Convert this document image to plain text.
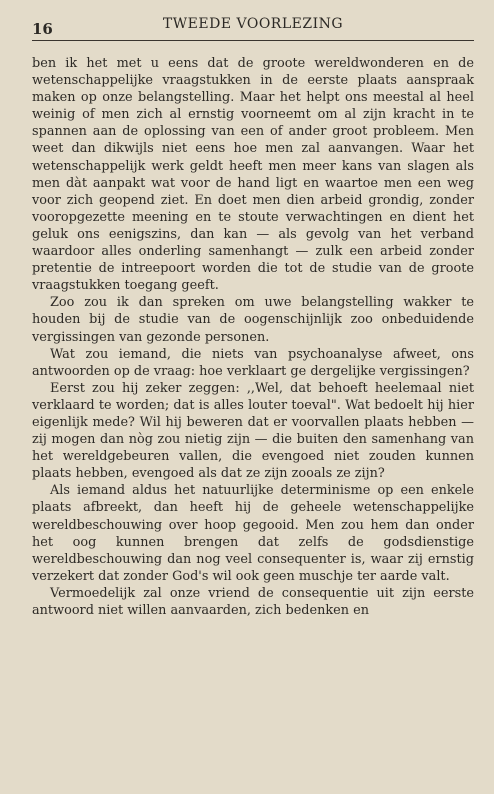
16	TWEEDE VOORLEZING

ben ik het met u eens dat de groote wereldwonderen en de wetenschappelijke vraagstukken in de eerste plaats aanspraak maken op onze belangstelling. Maar het helpt ons meestal al heel weinig of men zich al ernstig voorneemt om al zijn kracht in te spannen aan de oplossing van een of ander groot probleem. Men weet dan dikwijls niet eens hoe men zal aanvangen. Waar het wetenschappelijk werk geldt heeft men meer kans van slagen als men dàt aanpakt wat voor de hand ligt en waartoe men een weg voor zich geopend ziet. En doet men dien arbeid grondig, zonder vooropgezette meening en te stoute verwachtingen en dient het geluk ons eenigszins, dan kan — als gevolg van het verband waardoor alles onderling samenhangt — zulk een arbeid zonder pretentie de intreepoort worden die tot de studie van de groote vraagstukken toegang geeft.

Zoo zou ik dan spreken om uwe belangstelling wakker te houden bij de studie van de oogenschijnlijk zoo onbeduidende vergissingen van gezonde personen.

Wat zou iemand, die niets van psychoanalyse afweet, ons antwoorden op de vraag: hoe verklaart ge dergelijke vergissingen?

Eerst zou hij zeker zeggen: ,,Wel, dat behoeft heelemaal niet verklaard te worden; dat is alles louter toeval". Wat bedoelt hij hier eigenlijk mede? Wil hij beweren dat er voorvallen plaats hebben — zij mogen dan nòg zou nietig zijn — die buiten den samenhang van het wereldgebeuren vallen, die evengoed niet zouden kunnen plaats hebben, evengoed als dat ze zijn zooals ze zijn?

Als iemand aldus het natuurlijke determinisme op een enkele plaats afbreekt, dan heeft hij de geheele wetenschappelijke wereldbeschouwing over hoop gegooid. Men zou hem dan onder het oog kunnen brengen dat zelfs de godsdienstige wereldbeschouwing dan nog veel consequenter is, waar zij ernstig verzekert dat zonder God's wil ook geen muschje ter aarde valt.

Vermoedelijk zal onze vriend de consequentie uit zijn eerste antwoord niet willen aanvaarden, zich bedenken en
